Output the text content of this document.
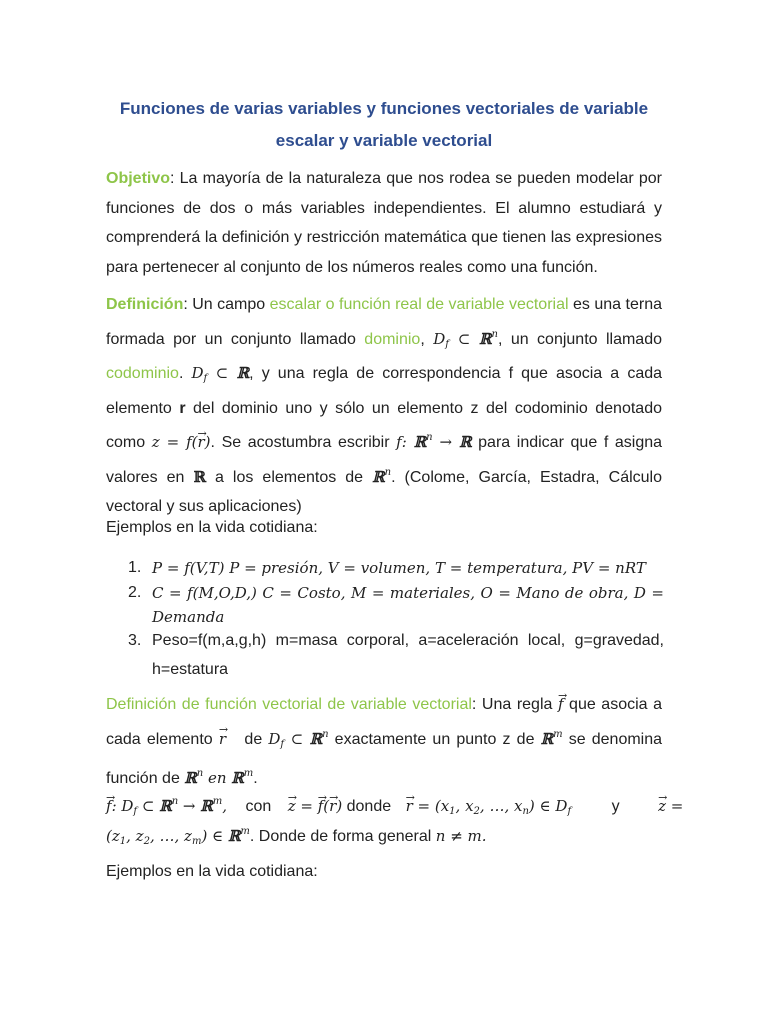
Funciones de varias variables y funciones vectoriales de variable
escalar y variable vectorial

Objetivo: La mayoría de la naturaleza que nos rodea se pueden modelar por funciones de dos o más variables independientes. El alumno estudiará y comprenderá la definición y restricción matemática que tienen las expresiones para pertenecer al conjunto de los números reales como una función.

Definición: Un campo escalar o función real de variable vectorial es una terna formada por un conjunto llamado dominio, $D_f$ ⊂ ℝ$^n$, un conjunto llamado codominio. $D_f$ ⊂ ℝ, y una regla de correspondencia f que asocia a cada elemento r del dominio uno y sólo un elemento z del codominio denotado como z = f(→ r). Se acostumbra escribir f: ℝ$^n$ → ℝ para indicar que f asigna valores en ℝ a los elementos de ℝ$^n$. (Colome, García, Estadra, Cálculo vectoral y sus aplicaciones)

Ejemplos en la vida cotidiana:
1. P = f(V,T) P = presión, V = volumen, T = temperatura, PV = nRT
2. C = f(M,O,D,) C = Costo, M = materiales, O = Mano de obra, D = Demanda
3. Peso=f(m,a,g,h) m=masa corporal, a=aceleración local, g=gravedad, h=estatura

Definición de función vectorial de variable vectorial: Una regla → f que asocia a cada elemento → r   de $D_f$ ⊂ ℝ$^n$ exactamente un punto z de ℝ$^m$ se denomina función de ℝ$^n$ en ℝ$^m$.

→ f: $D_f$ ⊂ ℝ$^n$ → ℝ$^m$, con → z = → f(→ r) donde → $r = (x_1$, $x_2$, …, $x_n$) ∈ $D_f$	y	→ z =
($z_1$, $z_2$, …, $z_m$) ∈ ℝ$^m$. Donde de forma general n ≠ m.
Ejemplos en la vida cotidiana:
